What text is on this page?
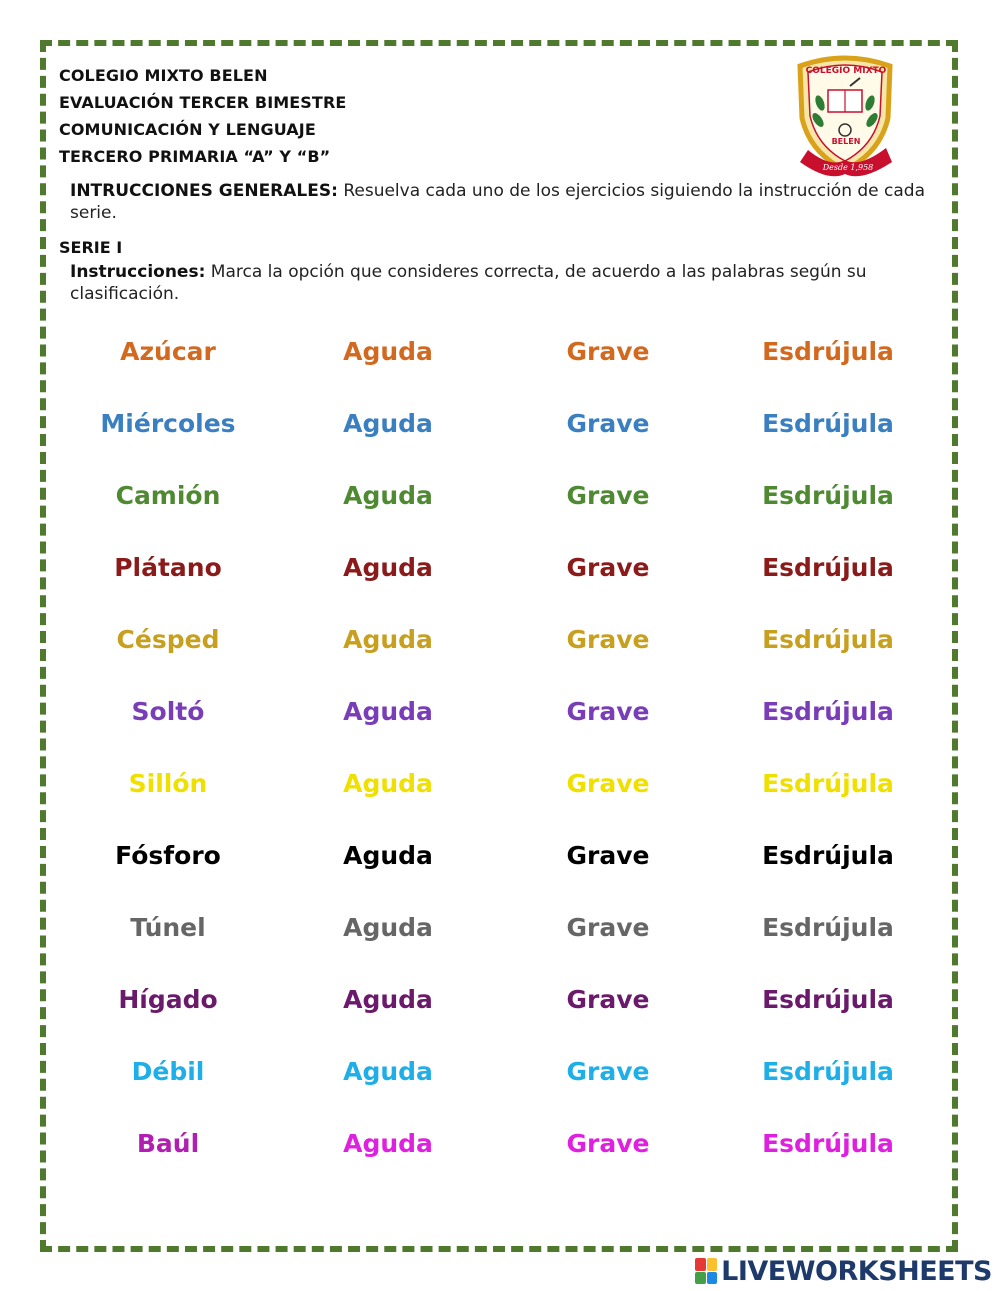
COLEGIO MIXTO BELEN
EVALUACIÓN TERCER BIMESTRE
COMUNICACIÓN Y LENGUAJE
TERCERO PRIMARIA “A” Y “B”
COLEGIO MIXTO
BELEN
Desde 1,958
INTRUCCIONES GENERALES: Resuelva cada uno de los ejercicios siguiendo la instrucción de cada serie.
SERIE I
Instrucciones: Marca la opción que consideres correcta, de acuerdo a las palabras según su clasificación.
Azúcar	Aguda	Grave	Esdrújula
Miércoles	Aguda	Grave	Esdrújula
Camión	Aguda	Grave	Esdrújula
Plátano	Aguda	Grave	Esdrújula
Césped	Aguda	Grave	Esdrújula
Soltó	Aguda	Grave	Esdrújula
Sillón	Aguda	Grave	Esdrújula
Fósforo	Aguda	Grave	Esdrújula
Túnel	Aguda	Grave	Esdrújula
Hígado	Aguda	Grave	Esdrújula
Débil	Aguda	Grave	Esdrújula
Baúl	Aguda	Grave	Esdrújula
LIVEWORKSHEETS
